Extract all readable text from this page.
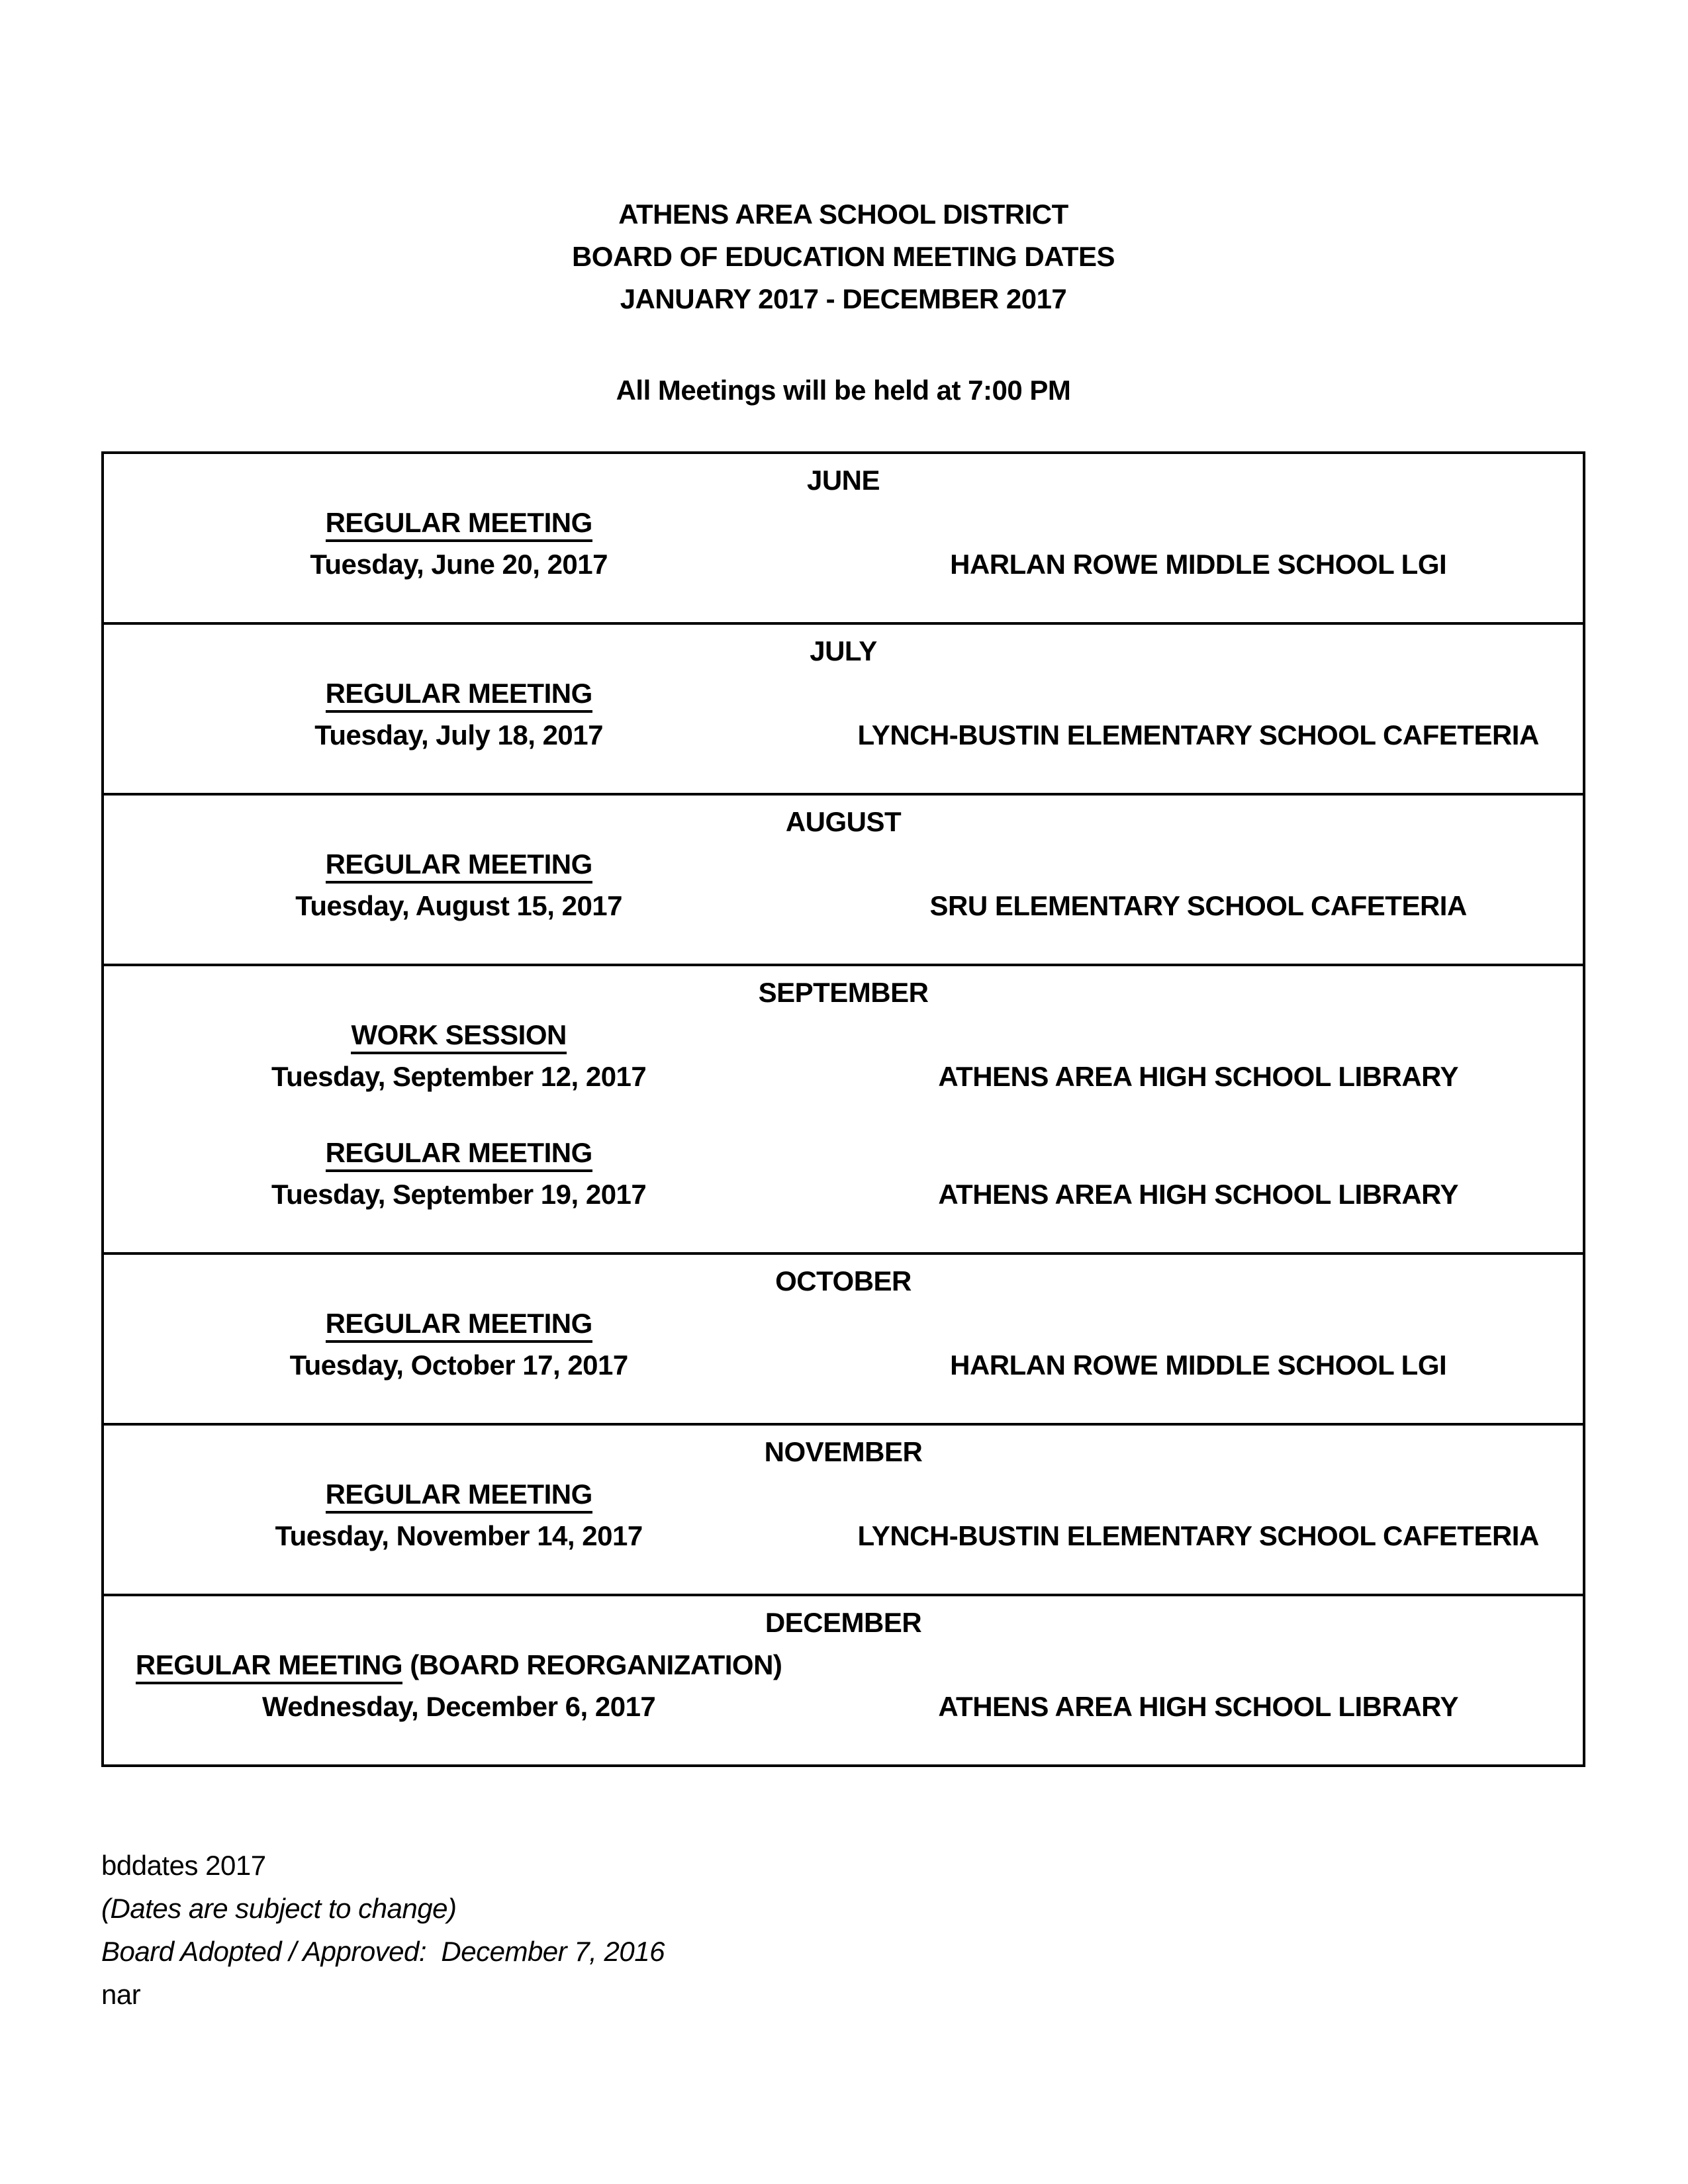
ATHENS AREA SCHOOL DISTRICT
BOARD OF EDUCATION MEETING DATES
JANUARY 2017 - DECEMBER 2017
All Meetings will be held at 7:00 PM
JUNE
REGULAR MEETING
Tuesday, June 20, 2017	HARLAN ROWE MIDDLE SCHOOL LGI
JULY
REGULAR MEETING
Tuesday, July 18, 2017	LYNCH-BUSTIN ELEMENTARY SCHOOL CAFETERIA
AUGUST
REGULAR MEETING
Tuesday, August 15, 2017	SRU ELEMENTARY SCHOOL CAFETERIA
SEPTEMBER
WORK SESSION
Tuesday, September 12, 2017	ATHENS AREA HIGH SCHOOL LIBRARY
REGULAR MEETING
Tuesday, September 19, 2017	ATHENS AREA HIGH SCHOOL LIBRARY
OCTOBER
REGULAR MEETING
Tuesday, October 17, 2017	HARLAN ROWE MIDDLE SCHOOL LGI
NOVEMBER
REGULAR MEETING
Tuesday, November 14, 2017	LYNCH-BUSTIN ELEMENTARY SCHOOL CAFETERIA
DECEMBER
REGULAR MEETING (BOARD REORGANIZATION)
Wednesday, December 6, 2017	ATHENS AREA HIGH SCHOOL LIBRARY
bddates 2017
(Dates are subject to change)
Board Adopted / Approved:  December 7, 2016
nar
